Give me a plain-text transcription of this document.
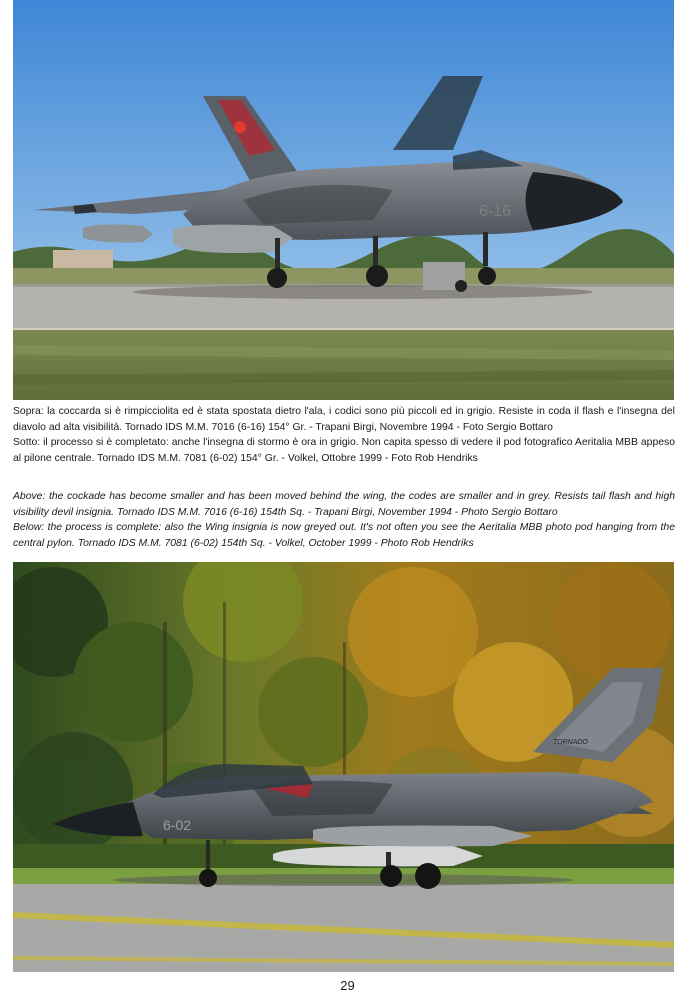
6-16

Sopra: la coccarda si è rimpicciolita ed è stata spostata dietro l'ala, i codici sono più piccoli ed in grigio. Resiste in coda il flash e l'insegna del diavolo ad alta visibilità. Tornado IDS M.M. 7016 (6-16) 154° Gr. - Trapani Birgi, Novembre 1994 - Foto Sergio Bottaro

Sotto: il processo si è completato: anche l'insegna di stormo è ora in grigio. Non capita spesso di vedere il pod fotografico Aeritalia MBB appeso al pilone centrale. Tornado IDS M.M. 7081 (6-02) 154° Gr. - Volkel, Ottobre 1999 - Foto Rob Hendriks

Above: the cockade has become smaller and has been moved behind the wing, the codes are smaller and in grey. Resists tail flash and high visibility devil insignia. Tornado IDS M.M. 7016 (6-16) 154th Sq. - Trapani Birgi, November 1994 - Photo Sergio Bottaro

Below: the process is complete: also the Wing insignia is now greyed out. It's not often you see the Aeritalia MBB photo pod hanging from the central pylon. Tornado IDS M.M. 7081 (6-02) 154th Sq. - Volkel, October 1999 - Photo Rob Hendriks

TORNADO
6-02
29
